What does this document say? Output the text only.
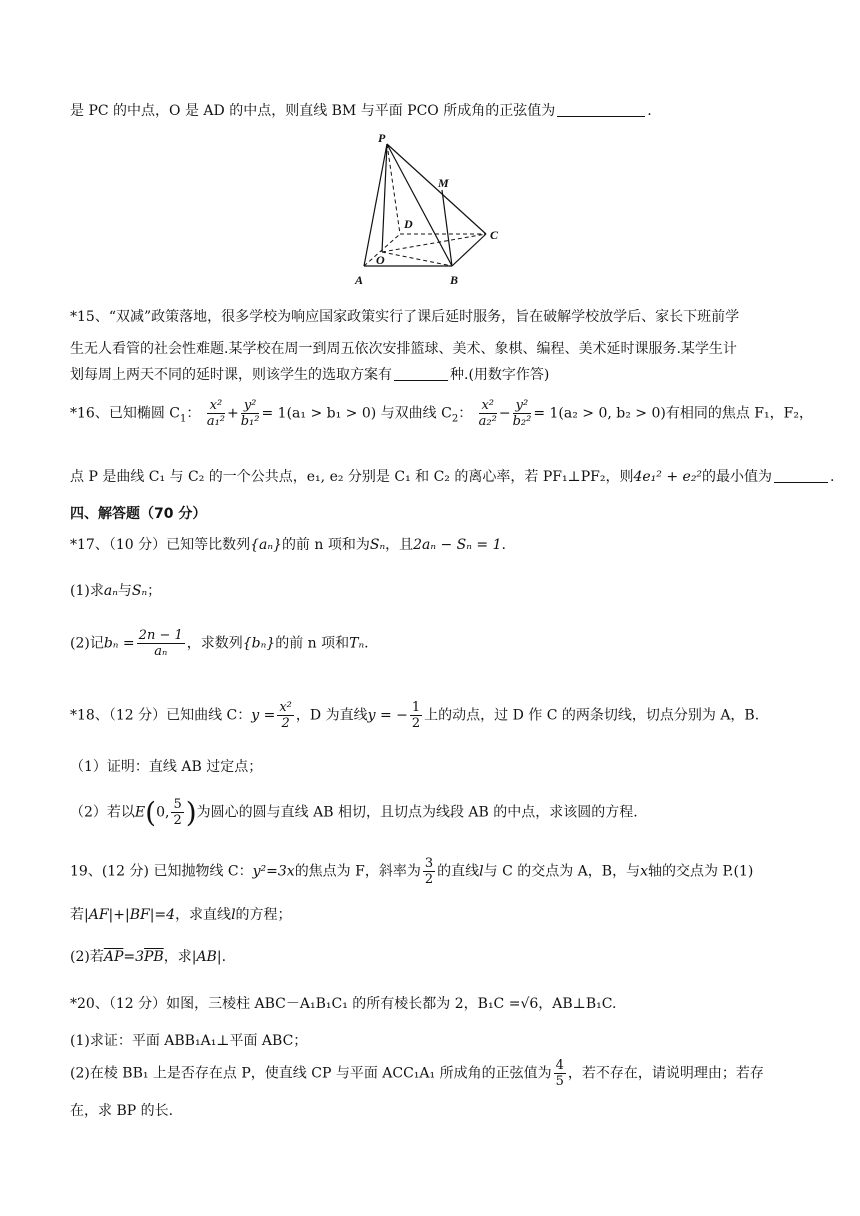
是 PC 的中点，O 是 AD 的中点，则直线 BM 与平面 PCO 所成角的正弦值为	.
P
M
D
C
O
A	B
*15、“双减”政策落地，很多学校为响应国家政策实行了课后延时服务，旨在破解学校放学后、家长下班前学
生无人看管的社会性难题.某学校在周一到周五依次安排篮球、美术、象棋、编程、美术延时课服务.某学生计
划每周上两天不同的延时课，则该学生的选取方案有	种.(用数字作答)
*16、已知椭圆 $C_1$： $\frac{\text{x²}}{\text{a₁²}} + \frac{\text{y²}}{\text{b₁²}} = 1(a_1 > b_1 > 0)$ 与双曲线 $C_2$： $\frac{\text{x²}}{\text{a₂²}} - \frac{\text{y²}}{\text{b₂²}} = 1(a_2 > 0$, b₂ > 0)有相同的焦点 F₁，F₂，
点 P 是曲线 C₁ 与 C₂ 的一个公共点，e₁, e₂ 分别是 C₁ 和 C₂ 的离心率，若 PF₁⊥PF₂，则4e₁² + e₂²的最小值为	.
四、解答题（70 分）
*17、（10 分）已知等比数列{aₙ}的前 n 项和为Sₙ，且2aₙ − Sₙ = 1.
(1)求aₙ与Sₙ；
(2)记$b_n = \frac{2n - 1}{\text{aₙ}}$ ，求数列{bₙ}的前 n 项和Tₙ.
*18、（12 分）已知曲线 C：$y = \frac{\text{x²}}{2}$ ，D 为直线y = − $\frac{1}{2}$ 上的动点，过 D 作 C 的两条切线，切点分别为 A，B.
（1）证明：直线 AB 过定点；
（2）若以E(0, $\frac{5}{2}$ )为圆心的圆与直线 AB 相切，且切点为线段 AB 的中点，求该圆的方程.
19、(12 分) 已知抛物线 C：y²=3x的焦点为 F，斜率为 $\frac{3}{2}$ 的直线l与 C 的交点为 A，B，与x轴的交点为 P.(1)
若|AF|+|BF|=4，求直线l的方程；
(2)若$\overline{AP}=3\overline{PB}$，求|AB|.
*20、（12 分）如图，三棱柱 ABC－A₁B₁C₁ 的所有棱长都为 2，B₁C =√6，AB⊥B₁C.
(1)求证：平面 ABB₁A₁⊥平面 ABC；
(2)在棱 BB₁ 上是否存在点 P，使直线 CP 与平面 ACC₁A₁ 所成角的正弦值为 $\frac{4}{5}$ ，若不存在，请说明理由；若存
在，求 BP 的长.
